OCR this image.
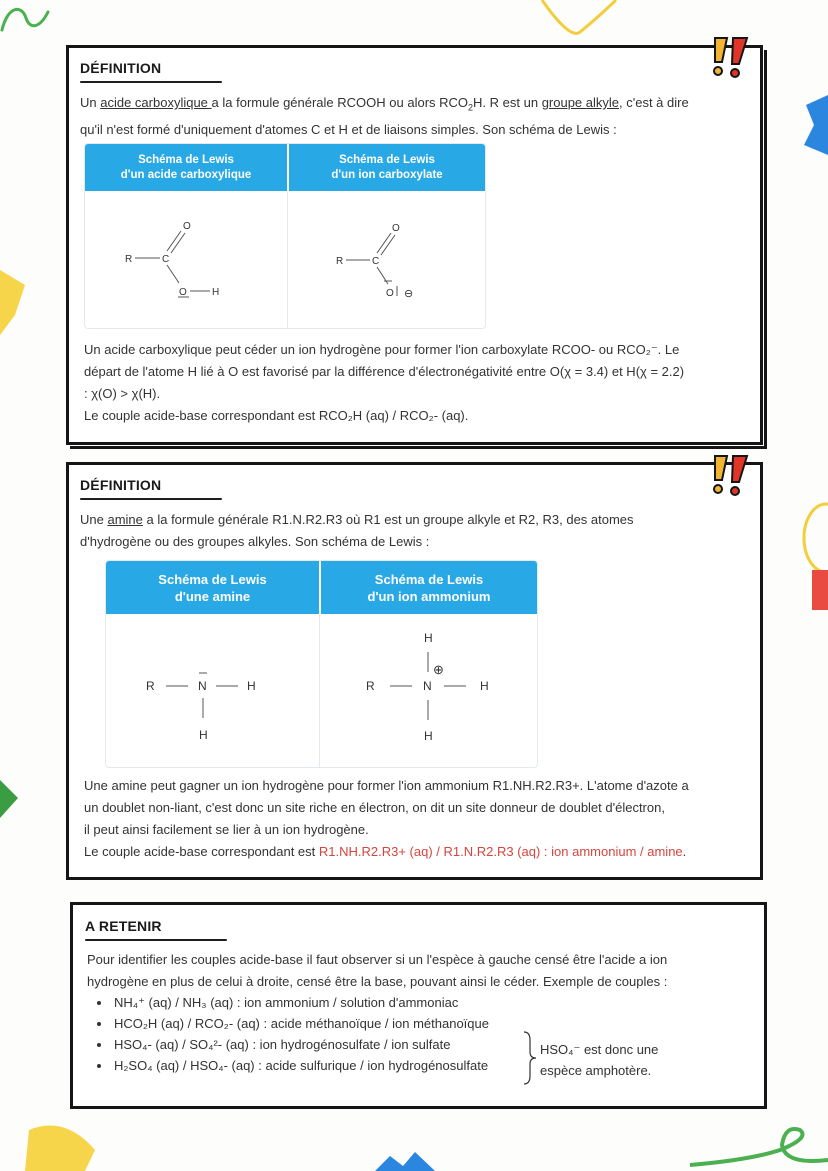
DÉFINITION
Un acide carboxylique a la formule générale RCOOH ou alors $RCO_2H$. R est un groupe alkyle, c'est à dire
qu'il n'est formé d'uniquement d'atomes C et H et de liaisons simples. Son schéma de Lewis :
Schéma de Lewis
d'un acide carboxylique
Schéma de Lewis
d'un ion carboxylate
R	C
O
O	H
R	C
O
O ⊖
Un acide carboxylique peut céder un ion hydrogène pour former l'ion carboxylate RCOO- ou RCO₂⁻. Le
départ de l'atome H lié à O est favorisé par la différence d'électronégativité entre O(χ = 3.4) et H(χ = 2.2)
: χ(O) > χ(H).
Le couple acide-base correspondant est RCO₂H (aq) / RCO₂- (aq).
DÉFINITION
Une amine a la formule générale R1.N.R2.R3 où R1 est un groupe alkyle et R2, R3, des atomes
d'hydrogène ou des groupes alkyles. Son schéma de Lewis :
Schéma de Lewis
d'une amine
Schéma de Lewis
d'un ion ammonium
R	N	H
H
H
⊕
R	N	H
H
Une amine peut gagner un ion hydrogène pour former l'ion ammonium R1.NH.R2.R3+. L'atome d'azote a
un doublet non-liant, c'est donc un site riche en électron, on dit un site donneur de doublet d'électron,
il peut ainsi facilement se lier à un ion hydrogène.
Le couple acide-base correspondant est R1.NH.R2.R3+ (aq) / R1.N.R2.R3 (aq) : ion ammonium / amine.
A RETENIR
Pour identifier les couples acide-base il faut observer si un l'espèce à gauche censé être l'acide a ion
hydrogène en plus de celui à droite, censé être la base, pouvant ainsi le céder. Exemple de couples :
• NH₄⁺ (aq) / NH₃ (aq) : ion ammonium / solution d'ammoniac
• HCO₂H (aq) / RCO₂- (aq) : acide méthanoïque / ion méthanoïque
• HSO₄- (aq) / SO₄²- (aq) : ion hydrogénosulfate / ion sulfate
• H₂SO₄ (aq) / HSO₄- (aq) : acide sulfurique / ion hydrogénosulfate
HSO₄⁻ est donc une
espèce amphotère.
